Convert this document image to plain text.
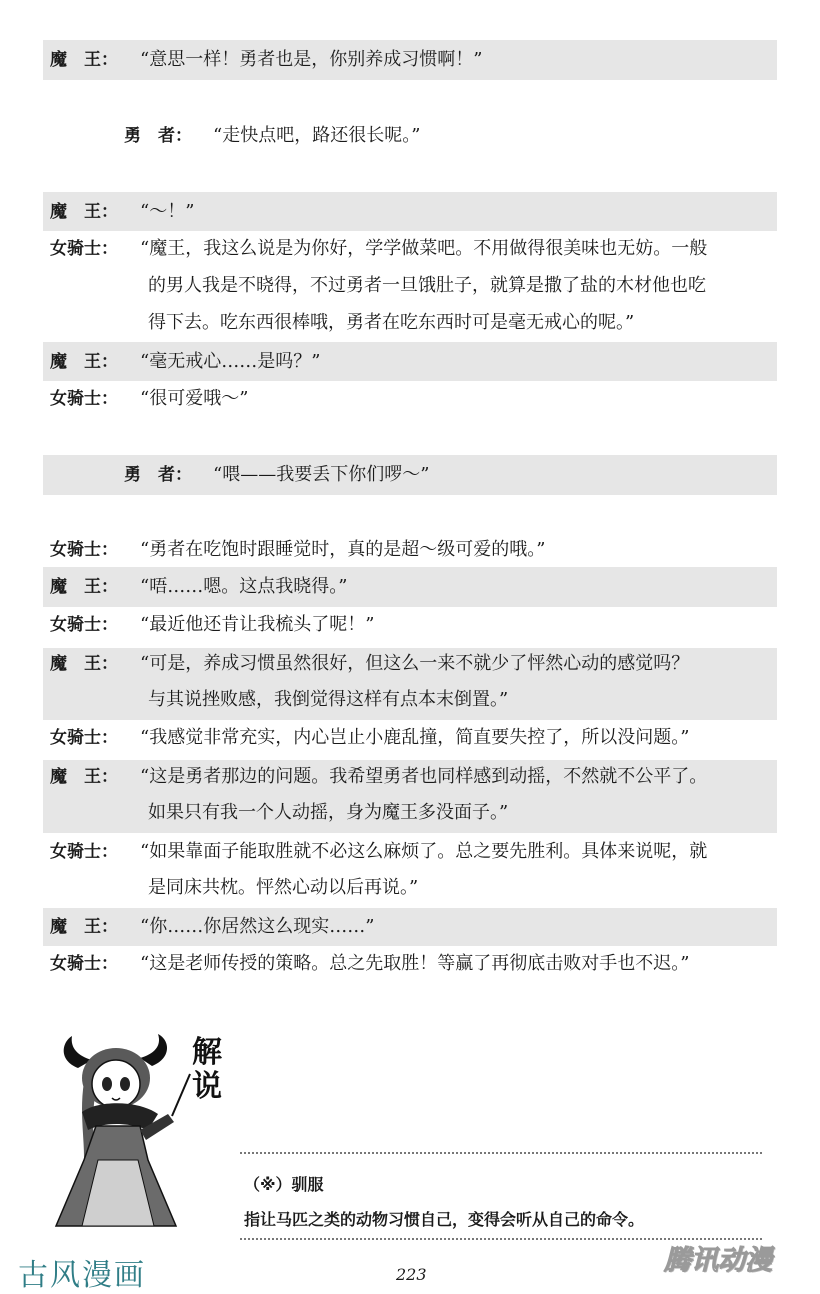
魔　王： “意思一样！勇者也是，你别养成习惯啊！”
勇　者： “走快点吧，路还很长呢。”
魔　王： “～！”
女骑士： “魔王，我这么说是为你好，学学做菜吧。不用做得很美味也无妨。一般
的男人我是不晓得，不过勇者一旦饿肚子，就算是撒了盐的木材他也吃
得下去。吃东西很棒哦，勇者在吃东西时可是毫无戒心的呢。”
魔　王： “毫无戒心……是吗？”
女骑士： “很可爱哦～”
勇　者： “喂——我要丢下你们啰～”
女骑士： “勇者在吃饱时跟睡觉时，真的是超～级可爱的哦。”
魔　王： “唔……嗯。这点我晓得。”
女骑士： “最近他还肯让我梳头了呢！”
魔　王： “可是，养成习惯虽然很好，但这么一来不就少了怦然心动的感觉吗？
与其说挫败感，我倒觉得这样有点本末倒置。”
女骑士： “我感觉非常充实，内心岂止小鹿乱撞，简直要失控了，所以没问题。”
魔　王： “这是勇者那边的问题。我希望勇者也同样感到动摇，不然就不公平了。
如果只有我一个人动摇，身为魔王多没面子。”
女骑士： “如果靠面子能取胜就不必这么麻烦了。总之要先胜利。具体来说呢，就
是同床共枕。怦然心动以后再说。”
魔　王： “你……你居然这么现实……”
女骑士： “这是老师传授的策略。总之先取胜！等赢了再彻底击败对手也不迟。”
解说
（※）驯服
指让马匹之类的动物习惯自己，变得会听从自己的命令。
古风漫画	223	腾讯动漫
